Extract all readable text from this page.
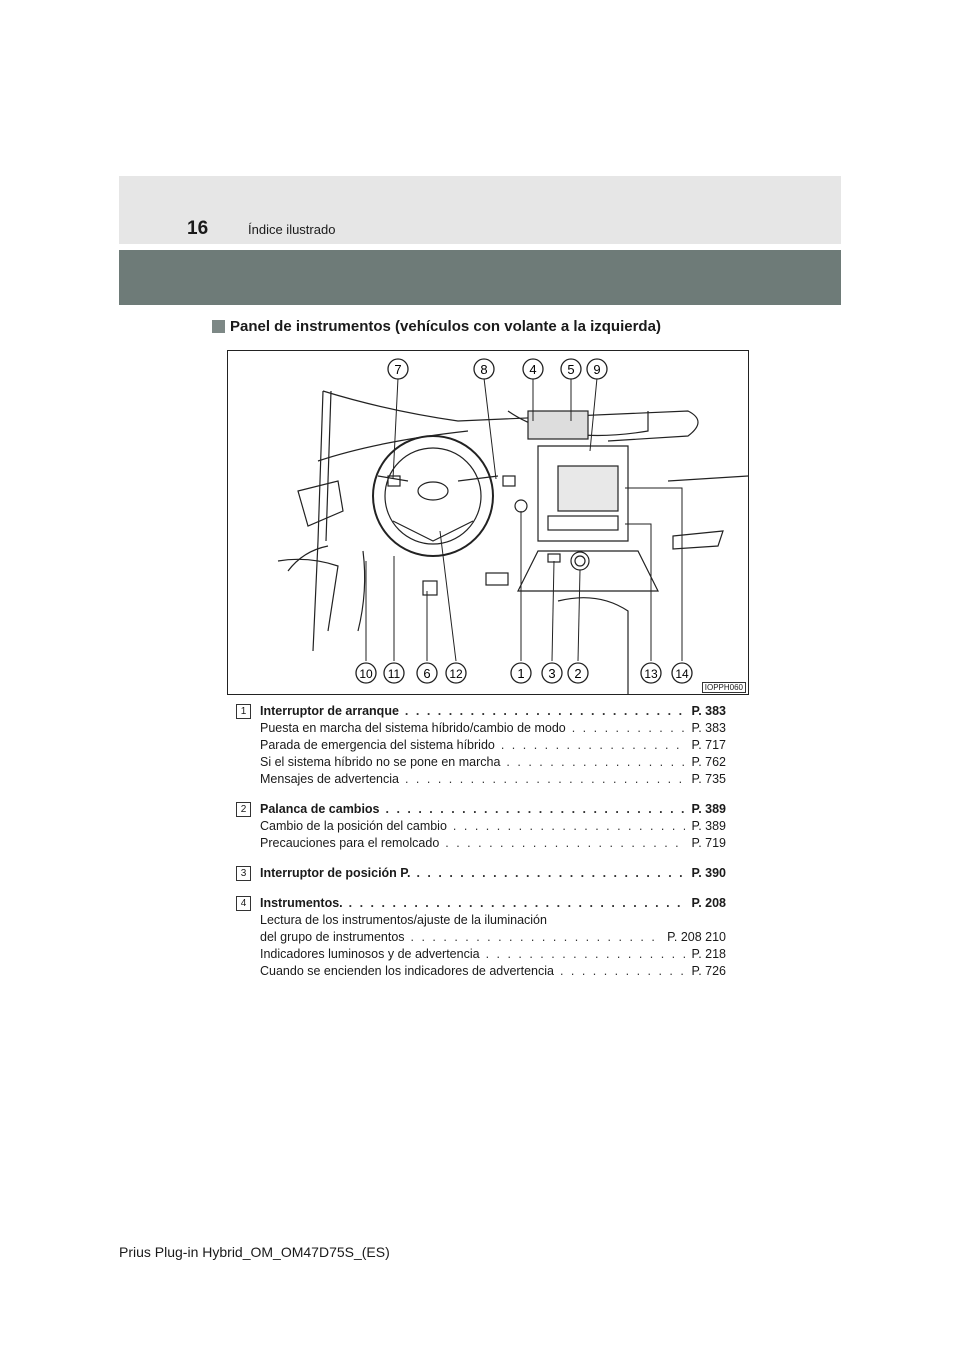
16	Índice ilustrado
Panel de instrumentos (vehículos con volante a la izquierda)
7	8	4 5 9
10 11 6 12	1 3 2	13 14
IOPPH060
1	Interruptor de arranque . . .	P. 383
Puesta en marcha del sistema híbrido/cambio de modo . . .	P. 383
Parada de emergencia del sistema híbrido . . .	P. 717
Si el sistema híbrido no se pone en marcha . . .	P. 762
Mensajes de advertencia . . .	P. 735
2	Palanca de cambios . . .	P. 389
Cambio de la posición del cambio . . .	P. 389
Precauciones para el remolcado . . .	P. 719
3	Interruptor de posición P. . . .	P. 390
4	Instrumentos. . . .	P. 208
Lectura de los instrumentos/ajuste de la iluminación
del grupo de instrumentos . . .	P. 208 210
Indicadores luminosos y de advertencia . . .	P. 218
Cuando se encienden los indicadores de advertencia . . .	P. 726
Prius Plug-in Hybrid_OM_OM47D75S_(ES)
